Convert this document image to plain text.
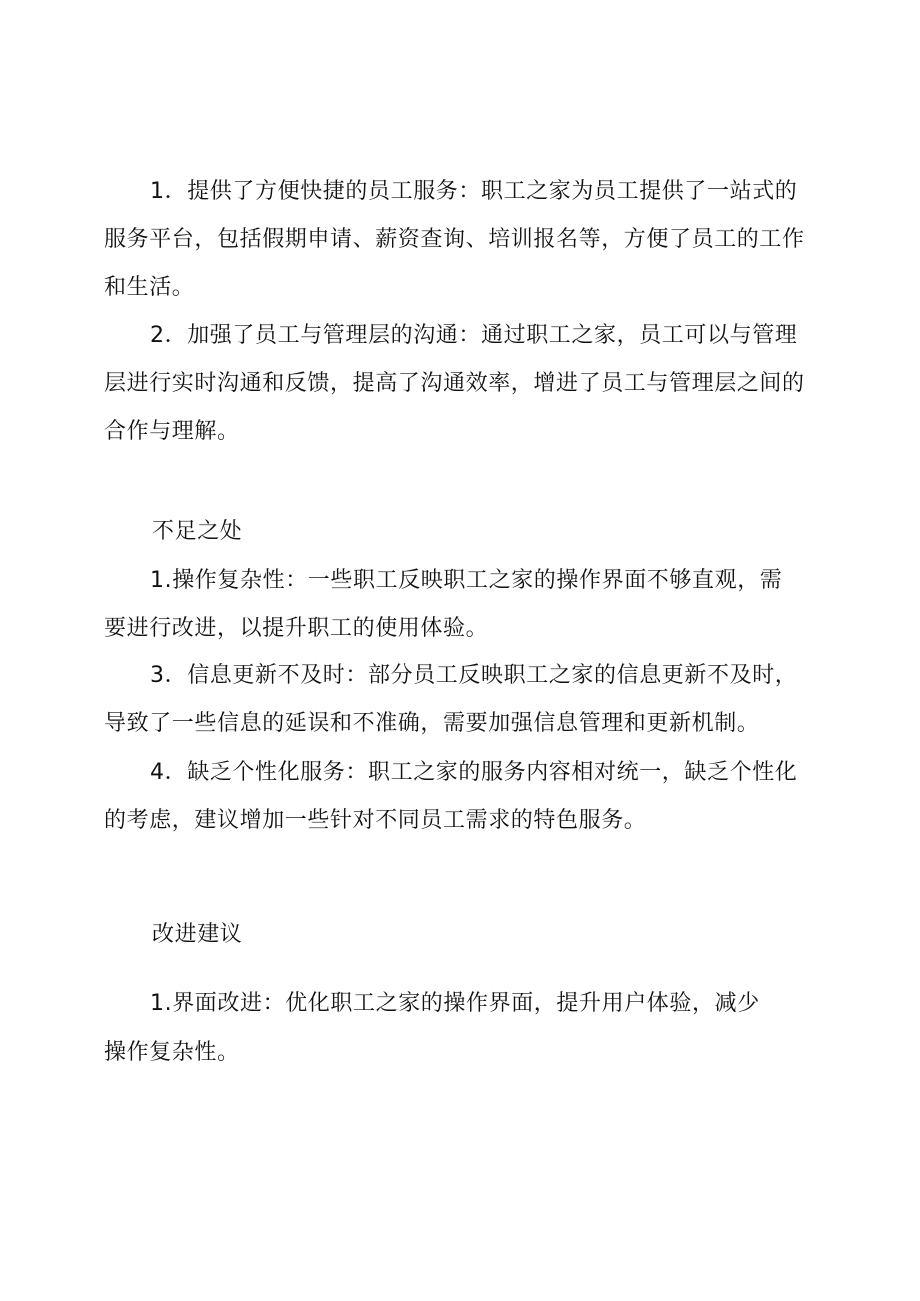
1．提供了方便快捷的员工服务：职工之家为员工提供了一站式的
服务平台，包括假期申请、薪资查询、培训报名等，方便了员工的工作
和生活。
2．加强了员工与管理层的沟通：通过职工之家，员工可以与管理
层进行实时沟通和反馈，提高了沟通效率，增进了员工与管理层之间的
合作与理解。
不足之处
1.操作复杂性：一些职工反映职工之家的操作界面不够直观，需
要进行改进，以提升职工的使用体验。
3．信息更新不及时：部分员工反映职工之家的信息更新不及时，
导致了一些信息的延误和不准确，需要加强信息管理和更新机制。
4．缺乏个性化服务：职工之家的服务内容相对统一，缺乏个性化
的考虑，建议增加一些针对不同员工需求的特色服务。
改进建议
1.界面改进：优化职工之家的操作界面，提升用户体验，减少
操作复杂性。
